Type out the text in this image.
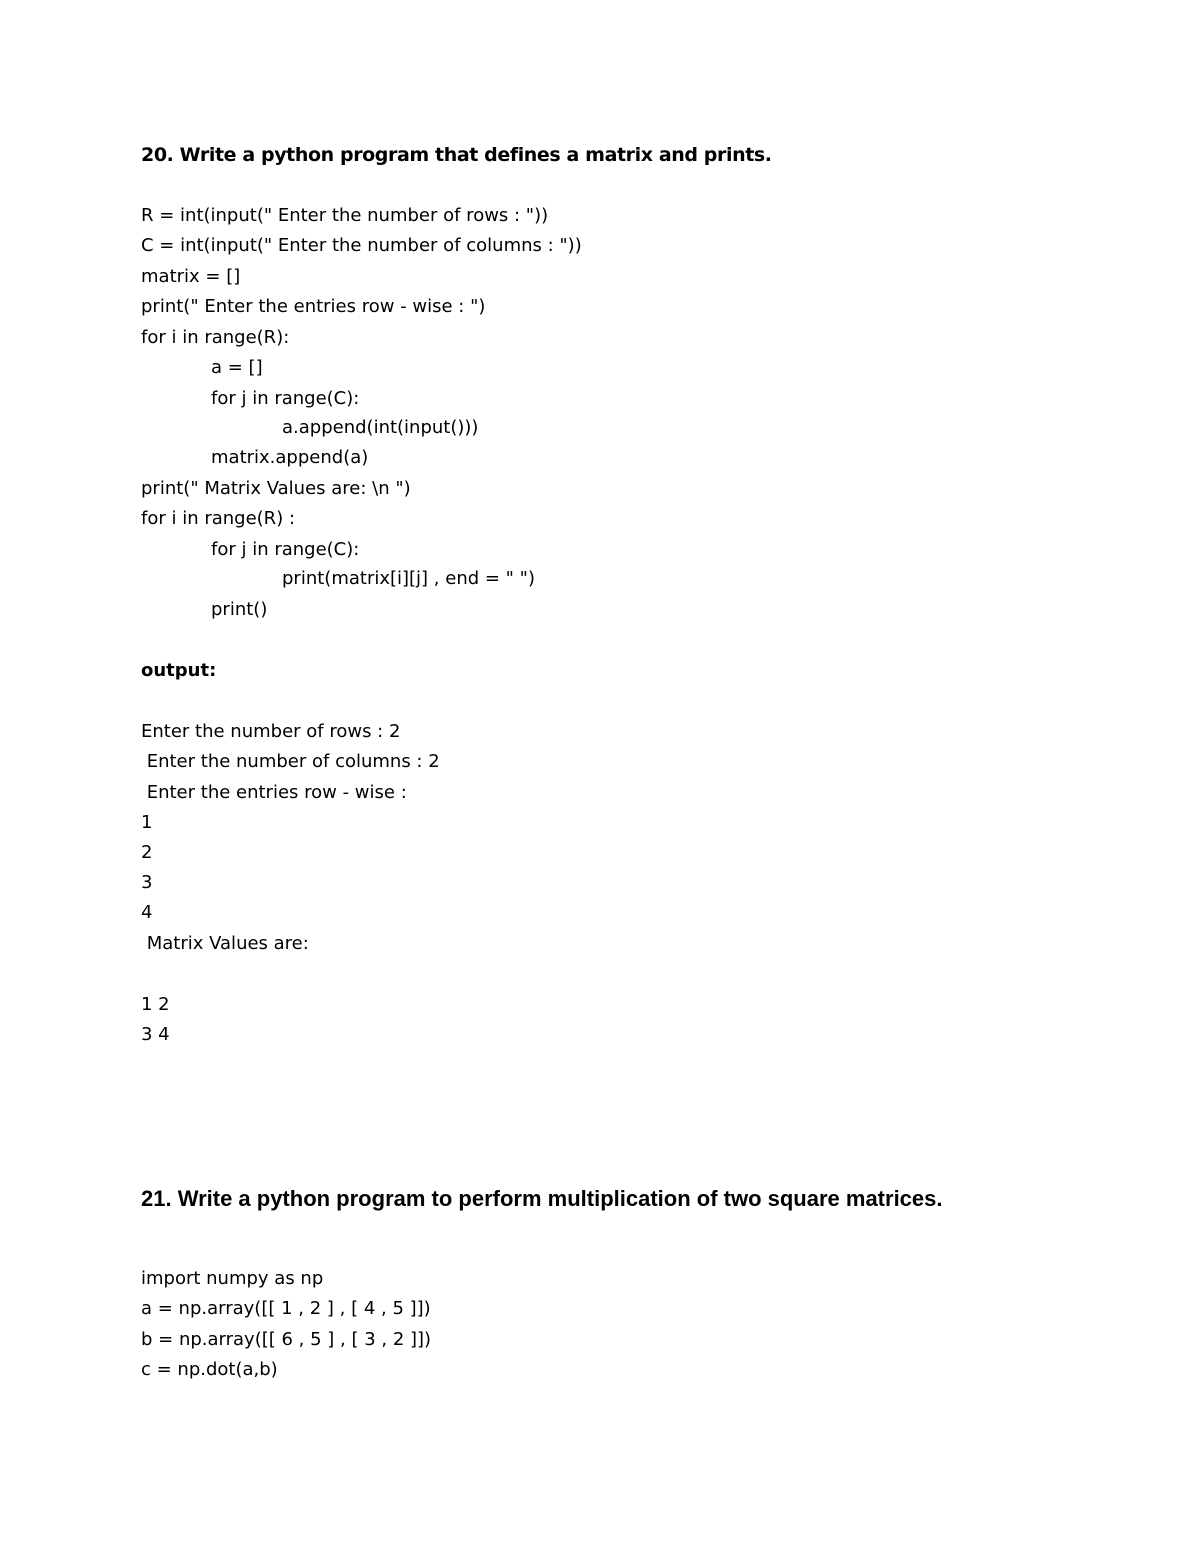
20. Write a python program that defines a matrix and prints.
R = int(input(" Enter the number of rows : "))
C = int(input(" Enter the number of columns : "))
matrix = []
print(" Enter the entries row - wise : ")
for i in range(R):
a = []
for j in range(C):
a.append(int(input()))
matrix.append(a)
print(" Matrix Values are: \n ")
for i in range(R) :
for j in range(C):
print(matrix[i][j] , end = " ")
print()
output:
Enter the number of rows : 2
Enter the number of columns : 2
Enter the entries row - wise :
1
2
3
4
Matrix Values are:
1 2
3 4
21. Write a python program to perform multiplication of two square matrices.
import numpy as np
a = np.array([[ 1 , 2 ] , [ 4 , 5 ]])
b = np.array([[ 6 , 5 ] , [ 3 , 2 ]])
c = np.dot(a,b)
